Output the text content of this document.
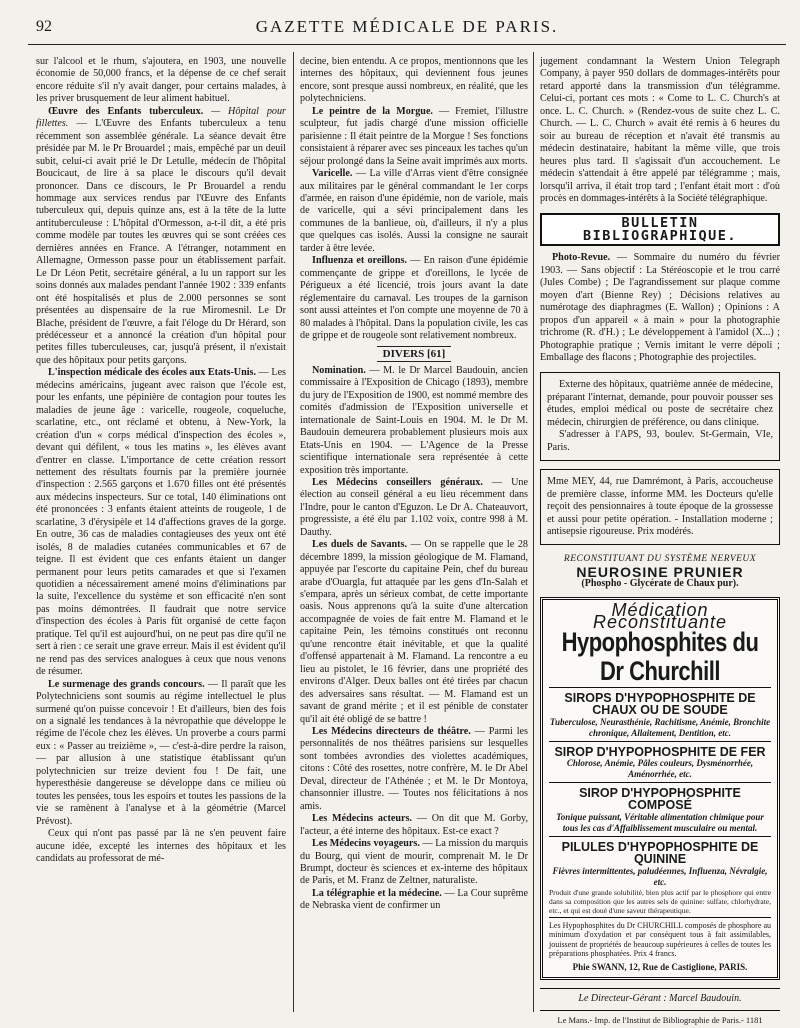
92	GAZETTE MÉDICALE DE PARIS.

sur l'alcool et le rhum, s'ajoutera, en 1903, une nouvelle économie de 50,000 francs, et la dépense de ce chef serait encore réduite s'il n'y avait danger, pour certains malades, à les priver brusquement de leur aliment habituel.

Œuvre des Enfants tuberculeux. — Hôpital pour fillettes. — L'Œuvre des Enfants tuberculeux a tenu récemment son assemblée générale. La séance devait être présidée par M. le Pr Brouardel ; mais, empêché par un deuil subit, celui-ci avait prié le Dr Letulle, médecin de l'hôpital Boucicaut, de lire à sa place le discours qu'il devait prononcer. Dans ce discours, le Pr Brouardel a rendu hommage aux services rendus par l'Œuvre des Enfants tuberculeux qui, depuis quinze ans, est à la tête de la lutte antituberculeuse : L'hôpital d'Ormesson, a-t-il dit, a été pris comme modèle par toutes les œuvres qui se sont créées ces dernières années en France. A l'étranger, notamment en Allemagne, Ormesson passe pour un établissement parfait. Le Dr Léon Petit, secrétaire général, a lu un rapport sur les soins donnés aux malades pendant l'année 1902 : 339 enfants ont été hospitalisés et plus de 2.000 personnes se sont présentées au dispensaire de la rue Miromesnil. Le Dr Blache, président de l'œuvre, a fait l'éloge du Dr Hérard, son prédécesseur et a annoncé la création d'un hôpital pour petites filles tuberculeuses, car, jusqu'à présent, il n'existait que des hôpitaux pour petits garçons.

L'inspection médicale des écoles aux Etats-Unis. — Les médecins américains, jugeant avec raison que l'école est, pour les enfants, une pépinière de contagion pour toutes les maladies de jeune âge : varicelle, rougeole, coqueluche, scarlatine, etc., ont réclamé et obtenu, à New-York, la création d'un « corps médical d'inspection des écoles », devant qui défilent, « tous les matins », les élèves avant d'entrer en classe. L'importance de cette création ressort nettement des résultats fournis par la première journée d'inspection : 2.565 garçons et 1.670 filles ont été présentés aux médecins inspecteurs. Sur ce total, 140 éliminations ont été prononcées : 3 enfants étaient atteints de rougeole, 1 de scarlatine, 3 d'érysipèle et 14 d'affections graves de la gorge. En outre, 36 cas de maladies contagieuses des yeux ont été isolés, 8 de maladies cutanées communicables et 67 de teigne. Il est évident que ces enfants étaient un danger permanent pour leurs petits camarades et que si l'examen quotidien a nécessairement amené moins d'éliminations par la suite, l'excellence du système et son efficacité n'en sont pas moins démontrées. Il faudrait que notre service d'inspection des écoles à Paris fût organisé de cette façon pratique. Tel qu'il est aujourd'hui, on ne peut pas dire qu'il ne sert à rien : ce serait une grave erreur. Mais il est évident qu'il ne rend pas des services analogues à ceux que nous venons de résumer.

Le surmenage des grands concours. — Il paraît que les Polytechniciens sont soumis au régime intellectuel le plus surmené qu'on puisse concevoir ! Et d'ailleurs, bien des fois on a signalé les tendances à la névropathie que développe le régime de l'école chez les élèves. Un proverbe a cours parmi eux : « Passer au treizième », — c'est-à-dire perdre la raison, — par allusion à une statistique établissant qu'un polytechnicien sur treize devient fou ! De fait, une hyperesthésie dangereuse se développe dans ce milieu où toutes les pensées, tous les espoirs et toutes les passions de la vie se ramènent à l'analyse et à la géométrie (Marcel Prévost).

Ceux qui n'ont pas passé par là ne s'en peuvent faire aucune idée, excepté les internes des hôpitaux et les candidats au professorat de mé-

decine, bien entendu. A ce propos, mentionnons que les internes des hôpitaux, qui deviennent fous jeunes encore, sont presque aussi nombreux, en réalité, que les polytechniciens.

Le peintre de la Morgue. — Fremiet, l'illustre sculpteur, fut jadis chargé d'une mission officielle parisienne : Il était peintre de la Morgue ! Ses fonctions consistaient à réparer avec ses pinceaux les taches qu'un séjour prolongé dans la Seine avait imprimés aux morts.

Varicelle. — La ville d'Arras vient d'être consignée aux militaires par le général commandant le 1er corps d'armée, en raison d'une épidémie, non de variole, mais de varicelle, qui a sévi principalement dans les communes de la banlieue, où, d'ailleurs, il n'y a plus que quelques cas isolés. Aussi la consigne ne saurait tarder à être levée.

Influenza et oreillons. — En raison d'une épidémie commençante de grippe et d'oreillons, le lycée de Périgueux a été licencié, trois jours avant la date réglementaire du carnaval. Les troupes de la garnison sont aussi atteintes et l'on compte une moyenne de 70 à 80 malades à l'hôpital. Dans la population civile, les cas de grippe et de rougeole sont relativement nombreux.

DIVERS [61]

Nomination. — M. le Dr Marcel Baudouin, ancien commissaire à l'Exposition de Chicago (1893), membre du jury de l'Exposition de 1900, est nommé membre des comités d'admission de l'Exposition universelle et internationale de Saint-Louis en 1904. M. le Dr M. Baudouin demeurera probablement plusieurs mois aux Etats-Unis en 1904. — L'Agence de la Presse scientifique internationale sera représentée à cette exposition très importante.

Les Médecins conseillers généraux. — Une élection au conseil général a eu lieu récemment dans l'Indre, pour le canton d'Eguzon. Le Dr A. Chateauvort, progressiste, a été élu par 1.102 voix, contre 998 à M. Dauthy.

Les duels de Savants. — On se rappelle que le 28 décembre 1899, la mission géologique de M. Flamand, appuyée par l'escorte du capitaine Pein, chef du bureau arabe d'Ouargla, fut attaquée par les gens d'In-Salah et s'empara, après un sérieux combat, de cette importante oasis. Nous apprenons qu'à la suite d'une altercation accompagnée de voies de fait entre M. Flamand et le capitaine Pein, les témoins constitués ont reconnu qu'une rencontre était inévitable, et que la qualité d'offensé appartenait à M. Flamand. La rencontre a eu lieu au pistolet, le 16 février, dans une propriété des environs d'Alger. Deux balles ont été tirées par chacun des adversaires sans résultat. — M. Flamand est un savant de grand mérite ; et il est pénible de constater qu'il ait été obligé de se battre !

Les Médecins directeurs de théâtre. — Parmi les personnalités de nos théâtres parisiens sur lesquelles sont tombées avrondies des violettes académiques, citons : Côté des rosettes, notre confrère, M. le Dr Abel Deval, directeur de l'Athénée ; et M. le Dr Montoya, chansonnier illustre. — Toutes nos félicitations à nos amis.

Les Médecins acteurs. — On dit que M. Gorby, l'acteur, a été interne des hôpitaux. Est-ce exact ?

Les Médecins voyageurs. — La mission du marquis du Bourg, qui vient de mourir, comprenait M. le Dr Brumpt, docteur ès sciences et ex-interne des hôpitaux de Paris, et M. Franz de Zeltner, naturaliste.

La télégraphie et la médecine. — La Cour suprême de Nebraska vient de confirmer un

jugement condamnant la Western Union Telegraph Company, à payer 950 dollars de dommages-intérêts pour retard apporté dans la transmission d'un télégramme. Celui-ci, portant ces mots : « Come to L. C. Church's at once. L. C. Church. » (Rendez-vous de suite chez L. C. Church. — L. C. Church » avait été remis à 6 heures du soir au bureau de réception et n'avait été transmis au médecin destinataire, habitant la même ville, que trois heures plus tard. Il s'agissait d'un accouchement. Le médecin s'attendait à être appelé par télégramme ; mais, lorsqu'il arriva, il était trop tard ; l'enfant était mort : d'où procès en dommages-intérêts à la Société télégraphique.

BULLETIN BIBLIOGRAPHIQUE.

Photo-Revue. — Sommaire du numéro du février 1903. — Sans objectif : La Stéréoscopie et le trou carré (Jules Combe) ; De l'agrandissement sur plaque comme moyen d'art (Bienne Rey) ; Décisions relatives au numérotage des diaphragmes (E. Wallon) ; Opinions : A propos d'un appareil « à main » pour la photographie trichrome (R. d'H.) ; Le développement à l'amidol (X...) ; Photographie pratique ; Vernis imitant le verre dépoli ; Emballage des flacons ; Photographie des projectiles.

Externe des hôpitaux, quatrième année de médecine, préparant l'internat, demande, pour pouvoir pousser ses études, emploi médical ou poste de secrétaire chez médecin, chirurgien de préférence, ou dans clinique.

S'adresser à l'APS, 93, boulev. St-Germain, VIe, Paris.

Mme MEY, 44, rue Damrémont, à Paris, accoucheuse de première classe, informe MM. les Docteurs qu'elle reçoit des pensionnaires à toute époque de la grossesse et aussi pour petite opération. - Installation moderne ; antisepsie rigoureuse. Prix modérés.

RECONSTITUANT DU SYSTÈME NERVEUX
NEUROSINE PRUNIER
(Phospho - Glycérate de Chaux pur).
Médication Reconstituante
Hypophosphites du Dr Churchill
SIROPS D'HYPOPHOSPHITE DE CHAUX OU DE SOUDE
Tuberculose, Neurasthénie, Rachitisme, Anémie, Bronchite chronique, Allaitement, Dentition, etc.
SIROP D'HYPOPHOSPHITE DE FER
Chlorose, Anémie, Pâles couleurs, Dysménorrhée, Aménorrhée, etc.
SIROP D'HYPOPHOSPHITE COMPOSÉ
Tonique puissant, Véritable alimentation chimique pour tous les cas d'Affaiblissement musculaire ou mental.
PILULES D'HYPOPHOSPHITE DE QUININE
Fièvres intermittentes, paludéennes, Influenza, Névralgie, etc.
Produit d'une grande solubilité, bien plus actif par le phosphore qui entre dans sa composition que les autres sels de quinine: sulfate, chlorhydrate, etc., et qui est doué d'une saveur thérapeutique.
Les Hypophosphites du Dr CHURCHILL composés de phosphore au minimum d'oxydation et par conséquent tous à fait assimilables, jouissent de propriétés de beaucoup supérieures à celles de toutes les préparations phosphatées. Prix 4 francs.
Phie SWANN, 12, Rue de Castiglione, PARIS.
Le Directeur-Gérant : Marcel Baudouin.
Le Mans.- Imp. de l'Institut de Bibliographie de Paris.- 1181
